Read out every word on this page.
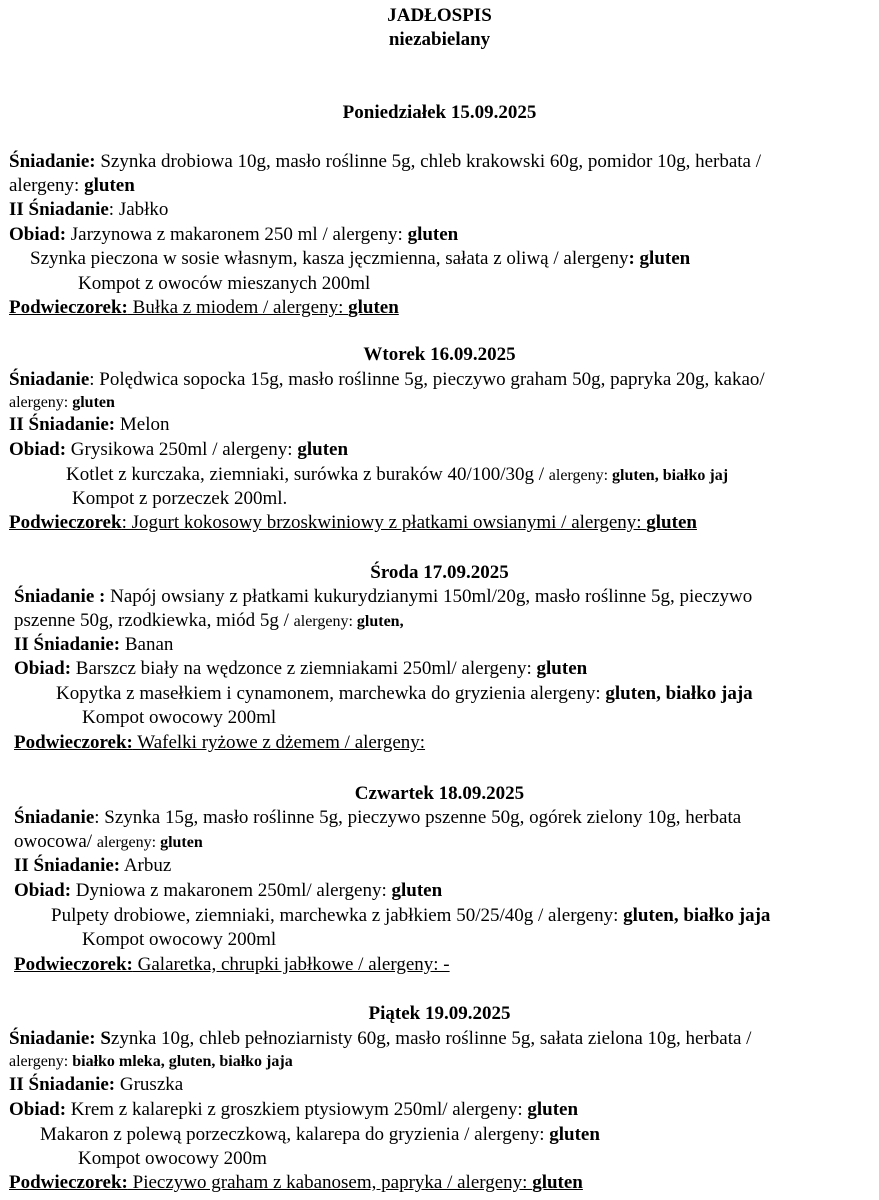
JADŁOSPIS
niezabielany
Poniedziałek 15.09.2025
Śniadanie: Szynka drobiowa 10g, masło roślinne 5g, chleb krakowski 60g, pomidor 10g, herbata /
alergeny: gluten
II Śniadanie: Jabłko
Obiad: Jarzynowa z makaronem 250 ml / alergeny: gluten
Szynka pieczona w sosie własnym, kasza jęczmienna, sałata z oliwą / alergeny: gluten
Kompot z owoców mieszanych 200ml
Podwieczorek: Bułka z miodem / alergeny: gluten
Wtorek 16.09.2025
Śniadanie: Polędwica sopocka 15g, masło roślinne 5g, pieczywo graham 50g, papryka 20g, kakao/
alergeny: gluten
II Śniadanie: Melon
Obiad: Grysikowa 250ml / alergeny: gluten
Kotlet z kurczaka, ziemniaki, surówka z buraków 40/100/30g / alergeny: gluten, białko jaj
Kompot z porzeczek 200ml.
Podwieczorek: Jogurt kokosowy brzoskwiniowy z płatkami owsianymi / alergeny: gluten
Środa 17.09.2025
Śniadanie : Napój owsiany z płatkami kukurydzianymi 150ml/20g, masło roślinne 5g, pieczywo
pszenne 50g, rzodkiewka, miód 5g / alergeny: gluten,
II Śniadanie: Banan
Obiad: Barszcz biały na wędzonce z ziemniakami 250ml/ alergeny: gluten
Kopytka z masełkiem i cynamonem, marchewka do gryzienia alergeny: gluten, białko jaja
Kompot owocowy 200ml
Podwieczorek: Wafelki ryżowe z dżemem / alergeny:
Czwartek 18.09.2025
Śniadanie: Szynka 15g, masło roślinne 5g, pieczywo pszenne 50g, ogórek zielony 10g, herbata
owocowa/ alergeny: gluten
II Śniadanie: Arbuz
Obiad: Dyniowa z makaronem 250ml/ alergeny: gluten
Pulpety drobiowe, ziemniaki, marchewka z jabłkiem 50/25/40g / alergeny: gluten, białko jaja
Kompot owocowy 200ml
Podwieczorek: Galaretka, chrupki jabłkowe / alergeny: -
Piątek 19.09.2025
Śniadanie: Szynka 10g, chleb pełnoziarnisty 60g, masło roślinne 5g, sałata zielona 10g, herbata /
alergeny: białko mleka, gluten, białko jaja
II Śniadanie: Gruszka
Obiad: Krem z kalarepki z groszkiem ptysiowym 250ml/ alergeny: gluten
Makaron z polewą porzeczkową, kalarepa do gryzienia / alergeny: gluten
Kompot owocowy 200m
Podwieczorek: Pieczywo graham z kabanosem, papryka / alergeny: gluten
